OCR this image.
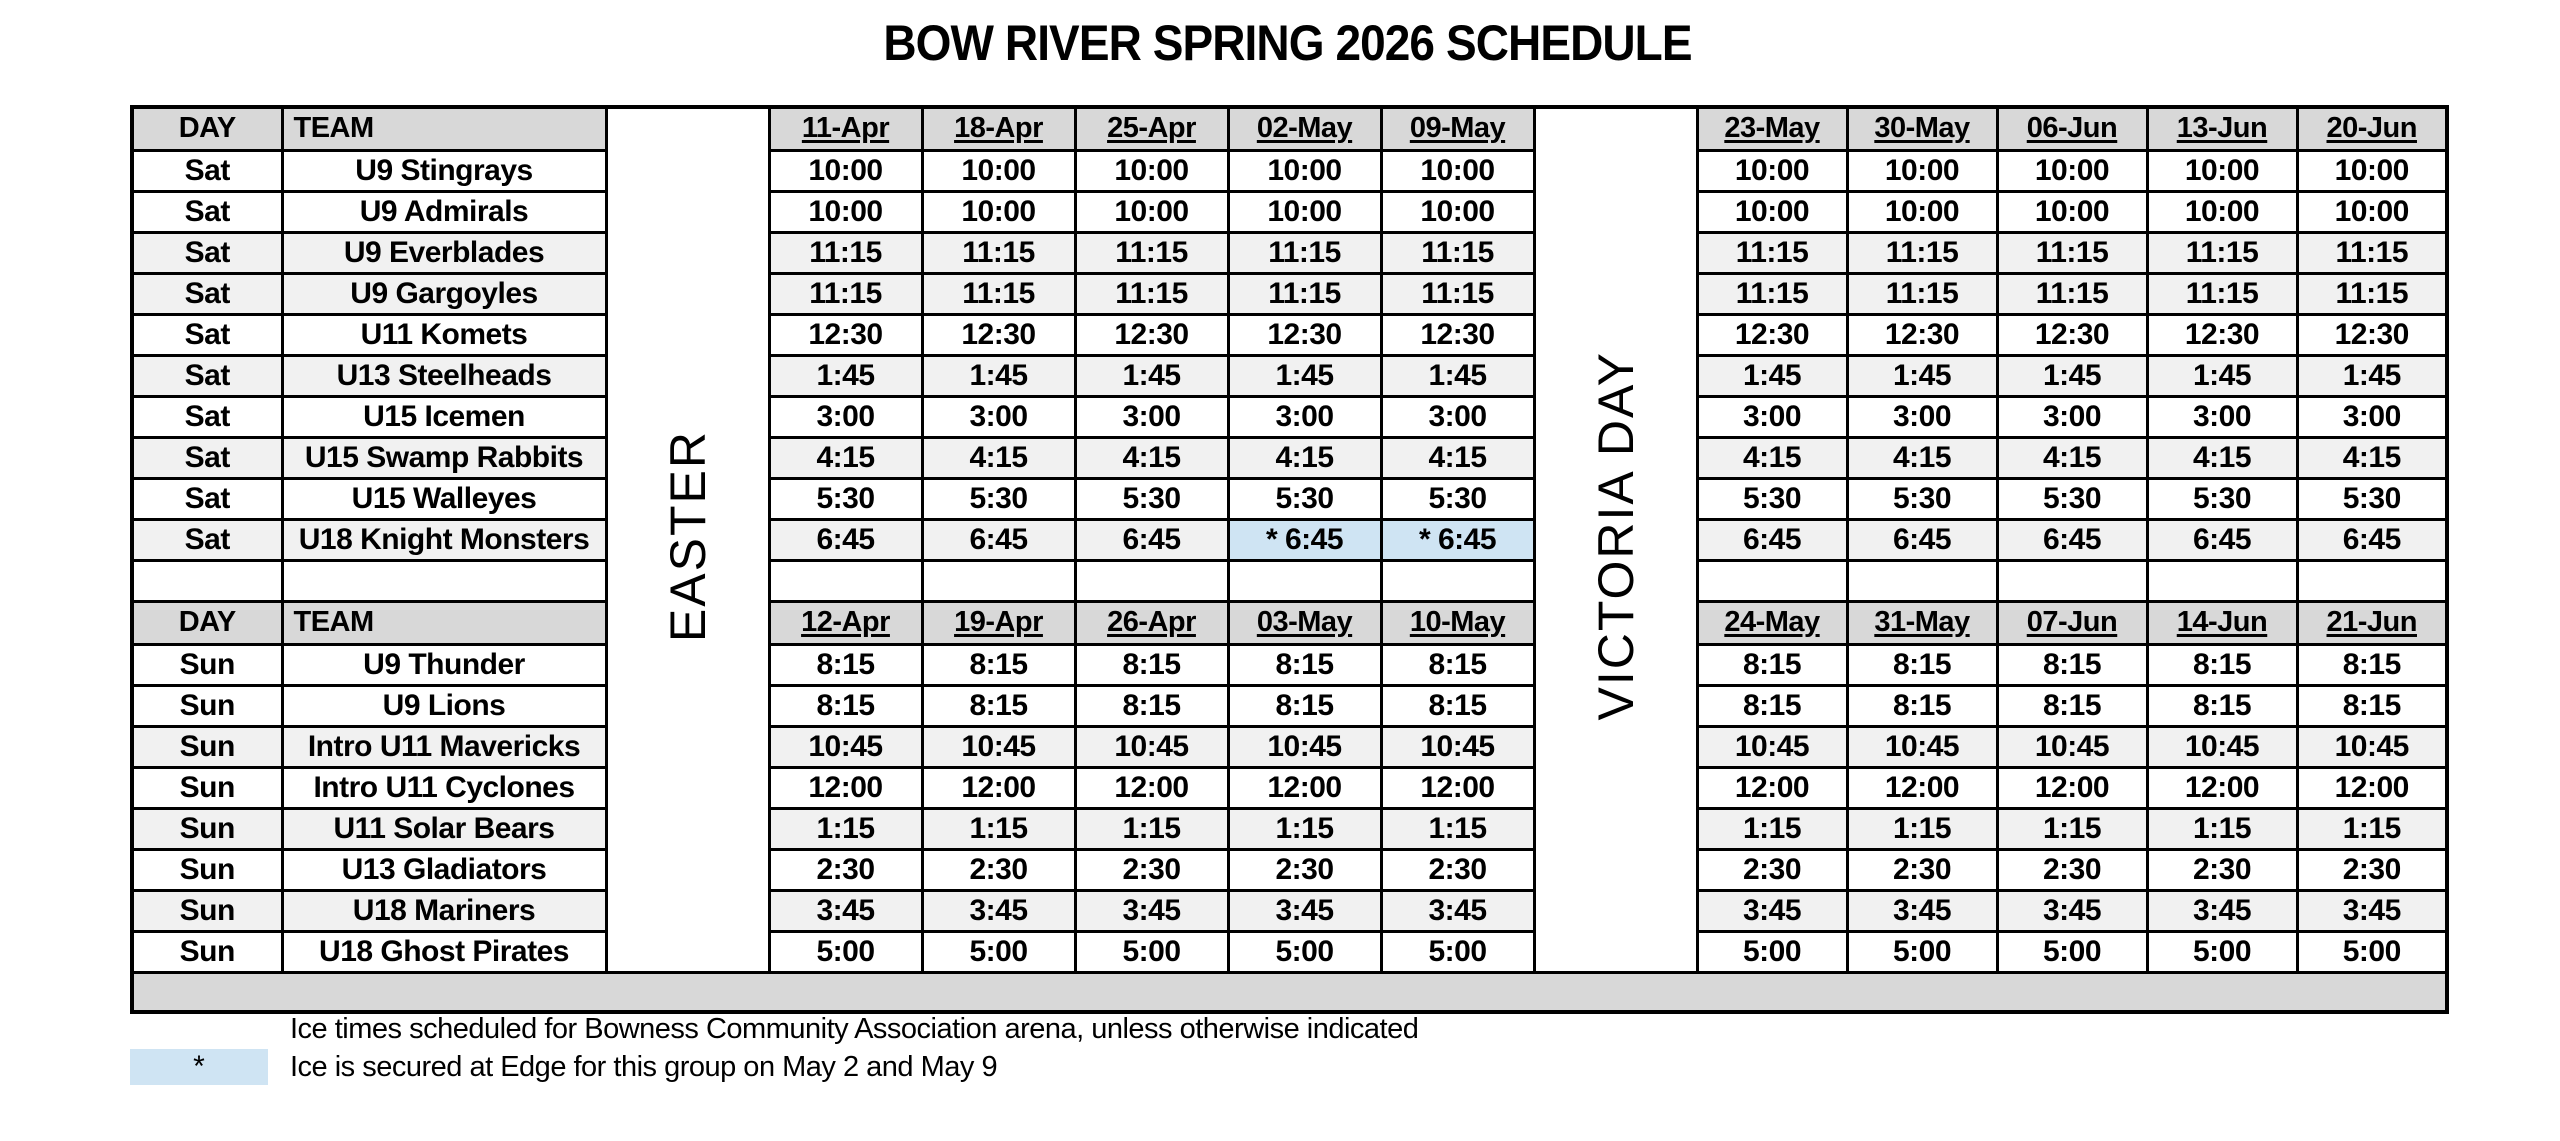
BOW RIVER SPRING 2026 SCHEDULE
DAY	TEAM	EASTER	11-Apr	18-Apr	25-Apr	02-May	09-May	VICTORIA DAY	23-May	30-May	06-Jun	13-Jun	20-Jun
Sat	U9 Stingrays		10:00	10:00	10:00	10:00	10:00		10:00	10:00	10:00	10:00	10:00
Sat	U9 Admirals		10:00	10:00	10:00	10:00	10:00		10:00	10:00	10:00	10:00	10:00
Sat	U9 Everblades		11:15	11:15	11:15	11:15	11:15		11:15	11:15	11:15	11:15	11:15
Sat	U9 Gargoyles		11:15	11:15	11:15	11:15	11:15		11:15	11:15	11:15	11:15	11:15
Sat	U11 Komets		12:30	12:30	12:30	12:30	12:30		12:30	12:30	12:30	12:30	12:30
Sat	U13 Steelheads		1:45	1:45	1:45	1:45	1:45		1:45	1:45	1:45	1:45	1:45
Sat	U15 Icemen		3:00	3:00	3:00	3:00	3:00		3:00	3:00	3:00	3:00	3:00
Sat	U15 Swamp Rabbits		4:15	4:15	4:15	4:15	4:15		4:15	4:15	4:15	4:15	4:15
Sat	U15 Walleyes		5:30	5:30	5:30	5:30	5:30		5:30	5:30	5:30	5:30	5:30
Sat	U18 Knight Monsters		6:45	6:45	6:45	* 6:45	* 6:45		6:45	6:45	6:45	6:45	6:45

DAY	TEAM		12-Apr	19-Apr	26-Apr	03-May	10-May		24-May	31-May	07-Jun	14-Jun	21-Jun
Sun	U9 Thunder		8:15	8:15	8:15	8:15	8:15		8:15	8:15	8:15	8:15	8:15
Sun	U9 Lions		8:15	8:15	8:15	8:15	8:15		8:15	8:15	8:15	8:15	8:15
Sun	Intro U11 Mavericks		10:45	10:45	10:45	10:45	10:45		10:45	10:45	10:45	10:45	10:45
Sun	Intro U11 Cyclones		12:00	12:00	12:00	12:00	12:00		12:00	12:00	12:00	12:00	12:00
Sun	U11 Solar Bears		1:15	1:15	1:15	1:15	1:15		1:15	1:15	1:15	1:15	1:15
Sun	U13 Gladiators		2:30	2:30	2:30	2:30	2:30		2:30	2:30	2:30	2:30	2:30
Sun	U18 Mariners		3:45	3:45	3:45	3:45	3:45		3:45	3:45	3:45	3:45	3:45
Sun	U18 Ghost Pirates		5:00	5:00	5:00	5:00	5:00		5:00	5:00	5:00	5:00	5:00

Ice times scheduled for Bowness Community Association arena, unless otherwise indicated
*	Ice is secured at Edge for this group on May 2 and May 9
